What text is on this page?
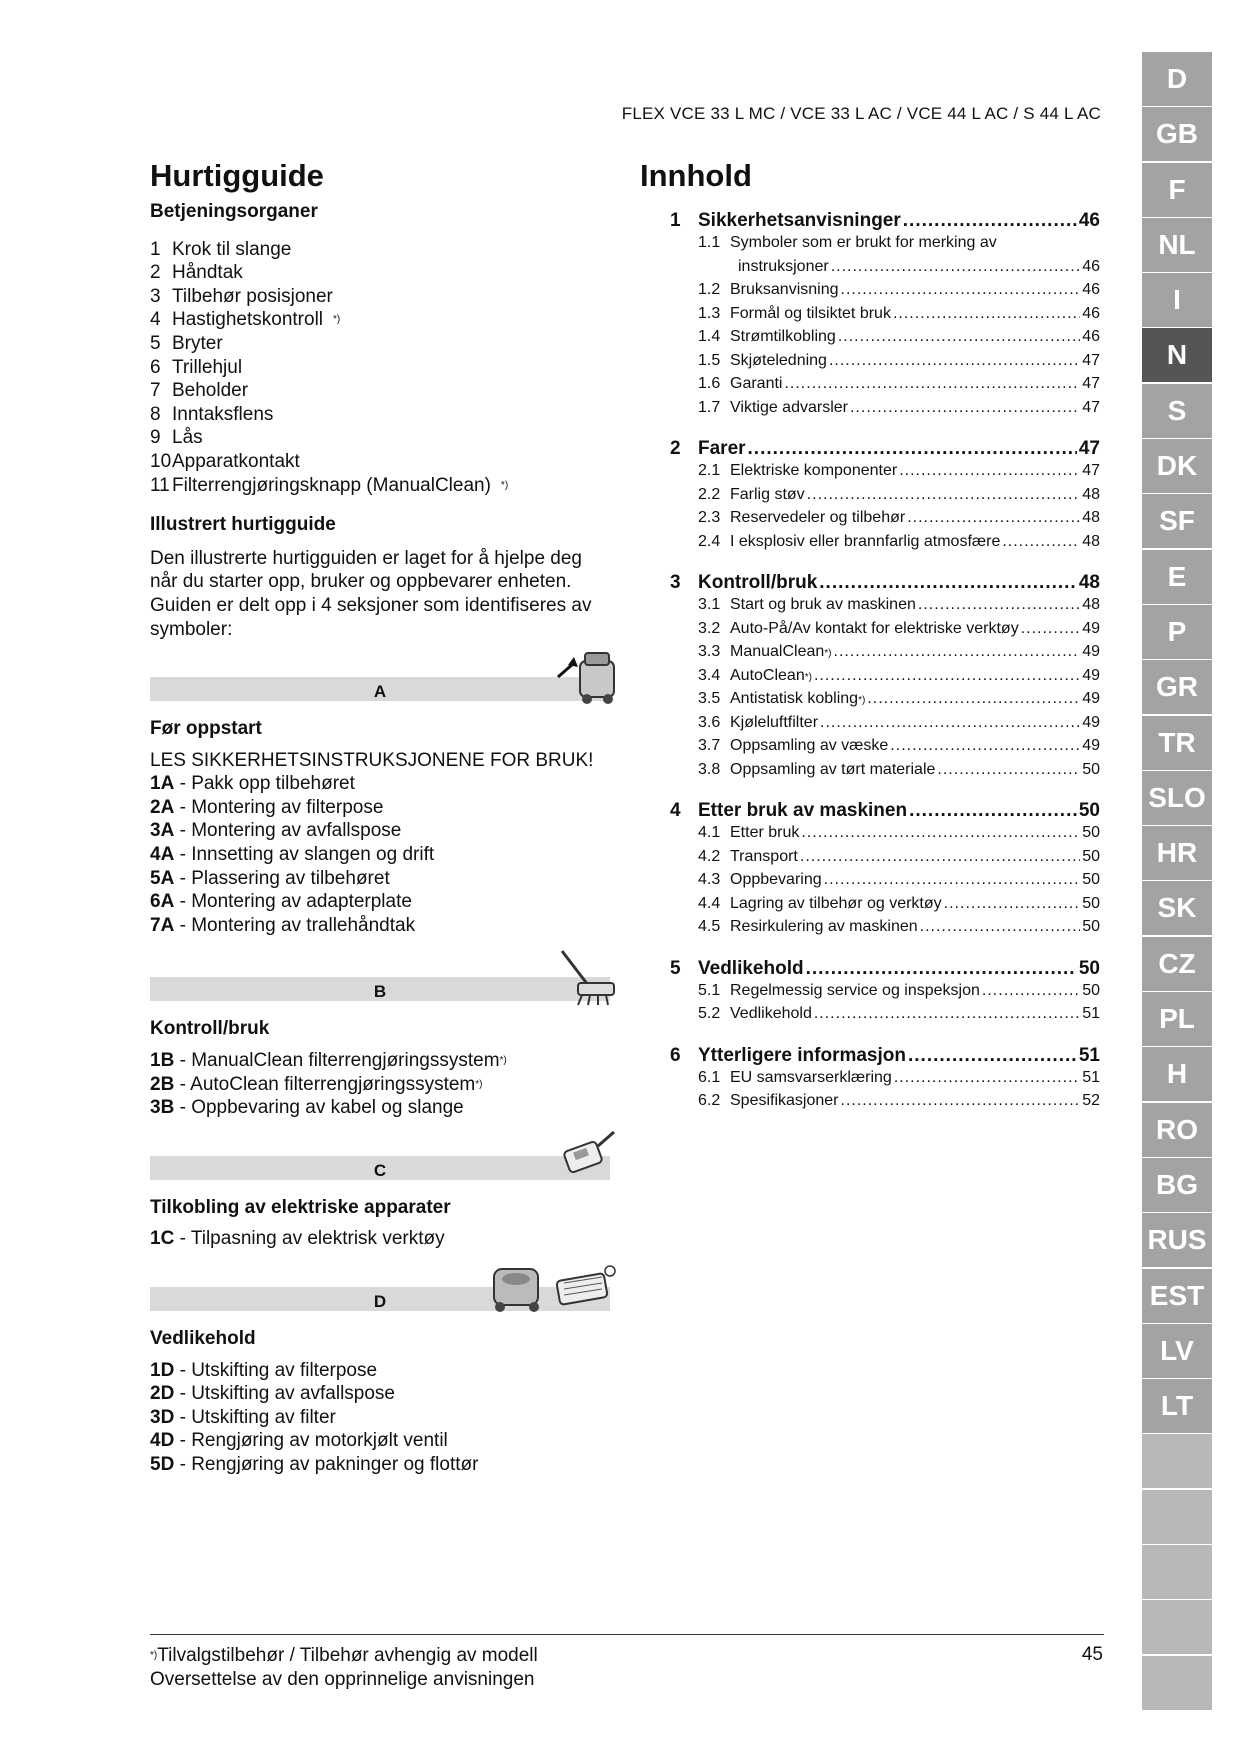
FLEX VCE 33 L MC / VCE 33 L AC / VCE 44 L AC / S 44 L AC
Hurtigguide	Innhold
Betjeningsorganer
1 Krok til slange
2 Håndtak
3 Tilbehør posisjoner
4 Hastighetskontroll *)
5 Bryter
6 Trillehjul
7 Beholder
8 Inntaksflens
9 Lås
10Apparatkontakt
11 Filterrengjøringsknapp (ManualClean) *)
Illustrert hurtigguide
Den illustrerte hurtigguiden er laget for å hjelpe deg når du starter opp, bruker og oppbevarer enheten. Guiden er delt opp i 4 seksjoner som identifiseres av symboler:
A
Før oppstart
LES SIKKERHETSINSTRUKSJONENE FOR BRUK!
1A - Pakk opp tilbehøret
2A - Montering av filterpose
3A - Montering av avfallspose
4A - Innsetting av slangen og drift
5A - Plassering av tilbehøret
6A - Montering av adapterplate
7A - Montering av trallehåndtak
B
Kontroll/bruk
1B - ManualClean filterrengjøringssystem*)
2B - AutoClean filterrengjøringssystem*)
3B - Oppbevaring av kabel og slange
C
Tilkobling av elektriske apparater
1C - Tilpasning av elektrisk verktøy
D
Vedlikehold
1D - Utskifting av filterpose
2D - Utskifting av avfallspose
3D - Utskifting av filter
4D - Rengjøring av motorkjølt ventil
5D - Rengjøring av pakninger og flottør
1 Sikkerhetsanvisninger .....	46
1.1 Symboler som er brukt for merking av
instruksjoner .....	46
1.2 Bruksanvisning .....	46
1.3 Formål og tilsiktet bruk .....	46
1.4 Strømtilkobling .....	46
1.5 Skjøteledning .....	47
1.6 Garanti .....	47
1.7 Viktige advarsler .....	47
2 Farer .....	47
2.1 Elektriske komponenter .....	47
2.2 Farlig støv .....	48
2.3 Reservedeler og tilbehør .....	48
2.4 I eksplosiv eller brannfarlig atmosfære .....	48
3 Kontroll/bruk .....	48
3.1 Start og bruk av maskinen .....	48
3.2 Auto-På/Av kontakt for elektriske verktøy .....	49
3.3 ManualClean *) .....	49
3.4 AutoClean *) .....	49
3.5 Antistatisk kobling *) .....	49
3.6 Kjøleluftfilter .....	49
3.7 Oppsamling av væske .....	49
3.8 Oppsamling av tørt materiale .....	50
4 Etter bruk av maskinen .....	50
4.1 Etter bruk .....	50
4.2 Transport .....	50
4.3 Oppbevaring .....	50
4.4 Lagring av tilbehør og verktøy .....	50
4.5 Resirkulering av maskinen .....	50
5 Vedlikehold .....	50
5.1 Regelmessig service og inspeksjon .....	50
5.2 Vedlikehold .....	51
6 Ytterligere informasjon .....	51
6.1 EU samsvarserklæring .....	51
6.2 Spesifikasjoner .....	52
D
GB
F
NL
I
N
S
DK
SF
E
P
GR
TR
SLO
HR
SK
CZ
PL
H
RO
BG
RUS
EST
LV
LT
*)Tilvalgstilbehør / Tilbehør avhengig av modell
Oversettelse av den opprinnelige anvisningen
45
